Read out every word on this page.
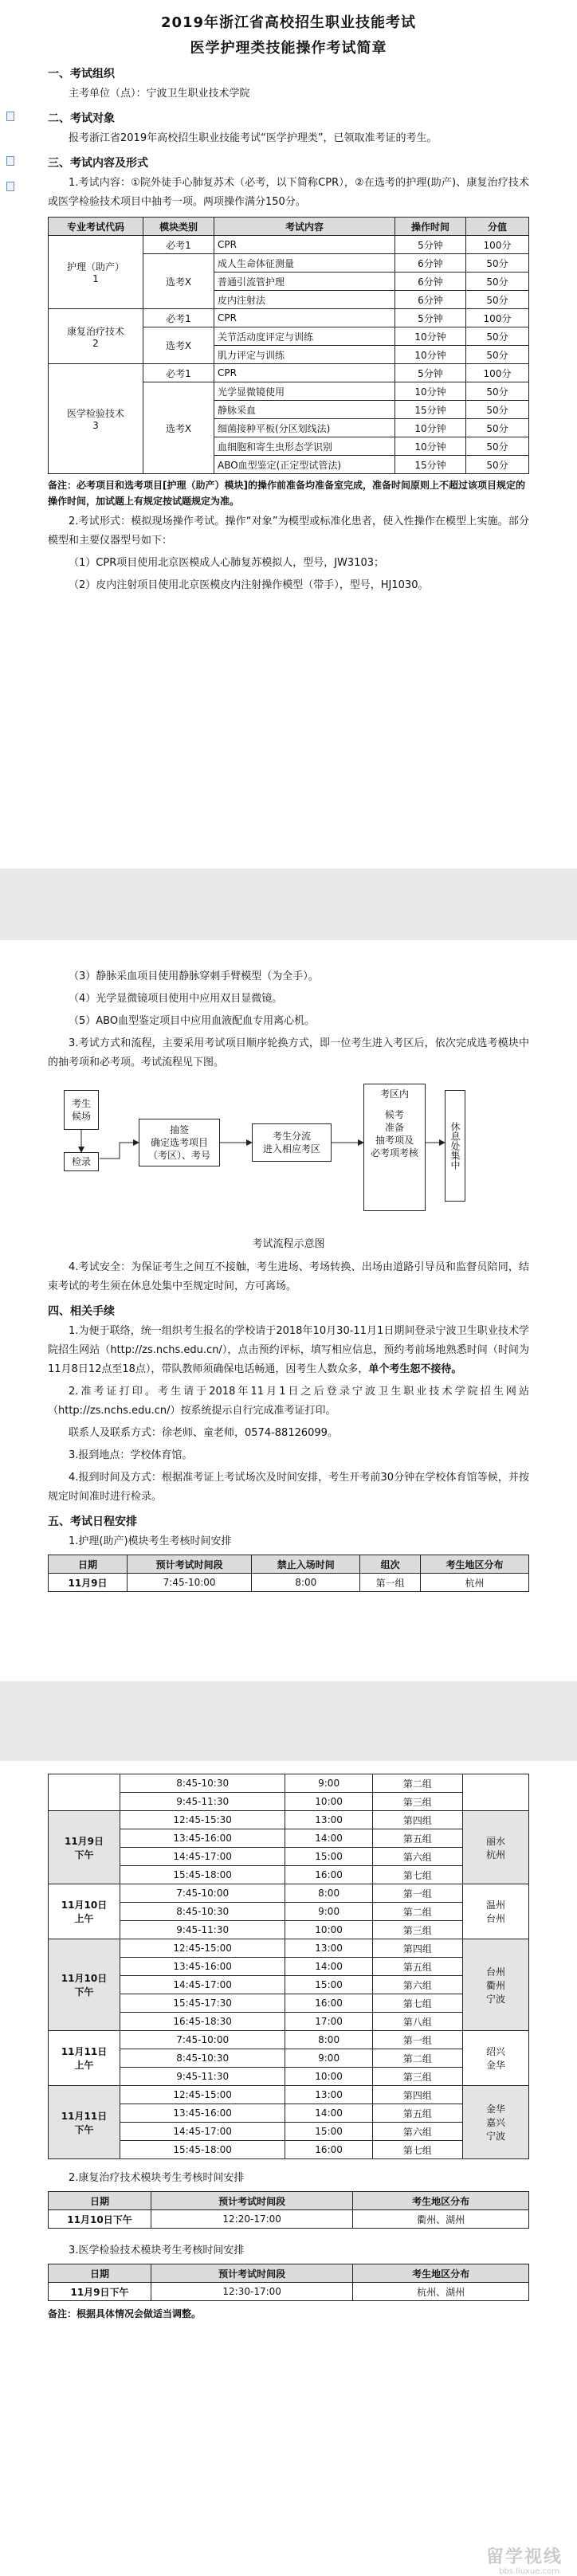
2019年浙江省高校招生职业技能考试
医学护理类技能操作考试简章
一、考试组织

主考单位（点）：宁波卫生职业技术学院

二、考试对象

报考浙江省2019年高校招生职业技能考试“医学护理类”，已领取准考证的考生。

三、考试内容及形式

1.考试内容：①院外徒手心肺复苏术（必考，以下简称CPR），②在选考的护理(助产)、康复治疗技术或医学检验技术项目中抽考一项。两项操作满分150分。

专业考试代码	模块类别	考试内容	操作时间	分值
护理（助产）
1	必考1	CPR	5分钟	100分
	选考X	成人生命体征测量	6分钟	50分
		普通引流管护理	6分钟	50分
		皮内注射法	6分钟	50分
康复治疗技术
2	必考1	CPR	5分钟	100分
	选考X	关节活动度评定与训练	10分钟	50分
		肌力评定与训练	10分钟	50分
医学检验技术
3	必考1	CPR	5分钟	100分
	选考X	光学显微镜使用	10分钟	50分
		静脉采血	15分钟	50分
		细菌接种平板(分区划线法)	10分钟	50分
		血细胞和寄生虫形态学识别	10分钟	50分
		ABO血型鉴定(正定型试管法)	15分钟	50分
备注：必考项目和选考项目[护理（助产）模块]的操作前准备均准备室完成，准备时间原则上不超过该项目规定的操作时间，加试题上有规定按试题规定为准。

2.考试形式：模拟现场操作考试。操作“对象”为模型或标准化患者，使入性操作在模型上实施。部分模型和主要仪器型号如下：

（1）CPR项目使用北京医模成人心肺复苏模拟人，型号，JW3103；

（2）皮内注射项目使用北京医模皮内注射操作模型（带手），型号，HJ1030。

（3）静脉采血项目使用静脉穿刺手臂模型（为全手）。

（4）光学显微镜项目使用中应用双目显微镜。

（5）ABO血型鉴定项目中应用血液配血专用离心机。

3.考试方式和流程，主要采用考试项目顺序轮换方式，即一位考生进入考区后，依次完成选考模块中的抽考项和必考项。考试流程见下图。

考生
候场
检录
抽签
确定选考项目
（考区）、考号
考生分流
进入相应考区
考区内
候考
准备
抽考项及
必考项考核	休息处集中
考试流程示意图

4.考试安全：为保证考生之间互不接触，考生进场、考场转换、出场由道路引导员和监督员陪同，结束考试的考生须在休息处集中至规定时间，方可离场。

四、相关手续

1.为便于联络，统一组织考生报名的学校请于2018年10月30-11月1日期间登录宁波卫生职业技术学院招生网站（http://zs.nchs.edu.cn/），点击预约评标，填写相应信息，预约考前场地熟悉时间（时间为11月8日12点至18点），带队教师须确保电话畅通，因考生人数众多，单个考生恕不接待。

2.准考证打印。考生请于2018年11月1日之后登录宁波卫生职业技术学院招生网站（http://zs.nchs.edu.cn/）按系统提示自行完成准考证打印。

联系人及联系方式：徐老师、童老师，0574-88126099。

3.报到地点：学校体育馆。

4.报到时间及方式：根据准考证上考试场次及时间安排，考生开考前30分钟在学校体育馆等候，并按规定时间准时进行检录。

五、考试日程安排

1.护理(助产)模块考生考核时间安排

日期	预计考试时间段	禁止入场时间	组次	考生地区分布
11月9日	7:45-10:00	8:00	第一组	杭州
	8:45-10:30	9:00	第二组	
	9:45-11:30	10:00	第三组	
11月9日
下午	12:45-15:30	13:00	第四组	丽水
杭州
	13:45-16:00	14:00	第五组	
	14:45-17:00	15:00	第六组	
	15:45-18:00	16:00	第七组	
11月10日
上午	7:45-10:00	8:00	第一组	温州
台州
	8:45-10:30	9:00	第二组	
	9:45-11:30	10:00	第三组	
11月10日
下午	12:45-15:00	13:00	第四组	台州
衢州
宁波
	13:45-16:00	14:00	第五组	
	14:45-17:00	15:00	第六组	
	15:45-17:30	16:00	第七组	
	16:45-18:30	17:00	第八组	
11月11日
上午	7:45-10:00	8:00	第一组	绍兴
金华
	8:45-10:30	9:00	第二组	
	9:45-11:30	10:00	第三组	
11月11日
下午	12:45-15:00	13:00	第四组	金华
嘉兴
宁波
	13:45-16:00	14:00	第五组	
	14:45-17:00	15:00	第六组	
	15:45-18:00	16:00	第七组	

2.康复治疗技术模块考生考核时间安排

日期	预计考试时间段	考生地区分布
11月10日下午	12:20-17:00	衢州、湖州

3.医学检验技术模块考生考核时间安排

日期	预计考试时间段	考生地区分布
11月9日下午	12:30-17:00	杭州、湖州
备注：根据具体情况会做适当调整。
留学视线
bbs.liuxue.com
